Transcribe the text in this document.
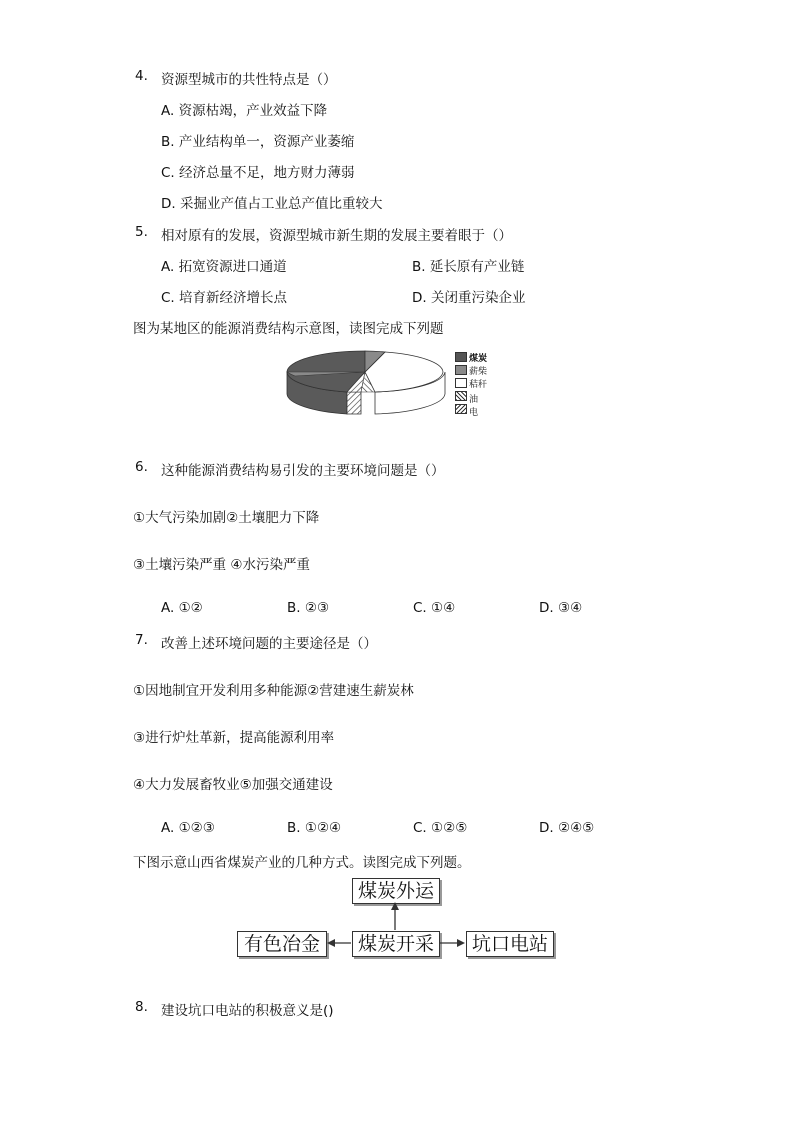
4. 资源型城市的共性特点是（）
A. 资源枯竭，产业效益下降
B. 产业结构单一，资源产业萎缩
C. 经济总量不足，地方财力薄弱
D. 采掘业产值占工业总产值比重较大
5. 相对原有的发展，资源型城市新生期的发展主要着眼于（）
A. 拓宽资源进口通道	B. 延长原有产业链
C. 培育新经济增长点	D. 关闭重污染企业
图为某地区的能源消费结构示意图，读图完成下列题
煤炭
薪柴
秸秆
油
电
6. 这种能源消费结构易引发的主要环境问题是（）
①大气污染加剧②土壤肥力下降
③土壤污染严重 ④水污染严重
A. ①②	B. ②③	C. ①④	D. ③④
7. 改善上述环境问题的主要途径是（）
①因地制宜开发利用多种能源②营建速生薪炭林
③进行炉灶革新，提高能源利用率
④大力发展畜牧业⑤加强交通建设
A. ①②③	B. ①②④	C. ①②⑤	D. ②④⑤
下图示意山西省煤炭产业的几种方式。读图完成下列题。
煤炭外运
有色冶金	煤炭开采	坑口电站
8. 建设坑口电站的积极意义是()
